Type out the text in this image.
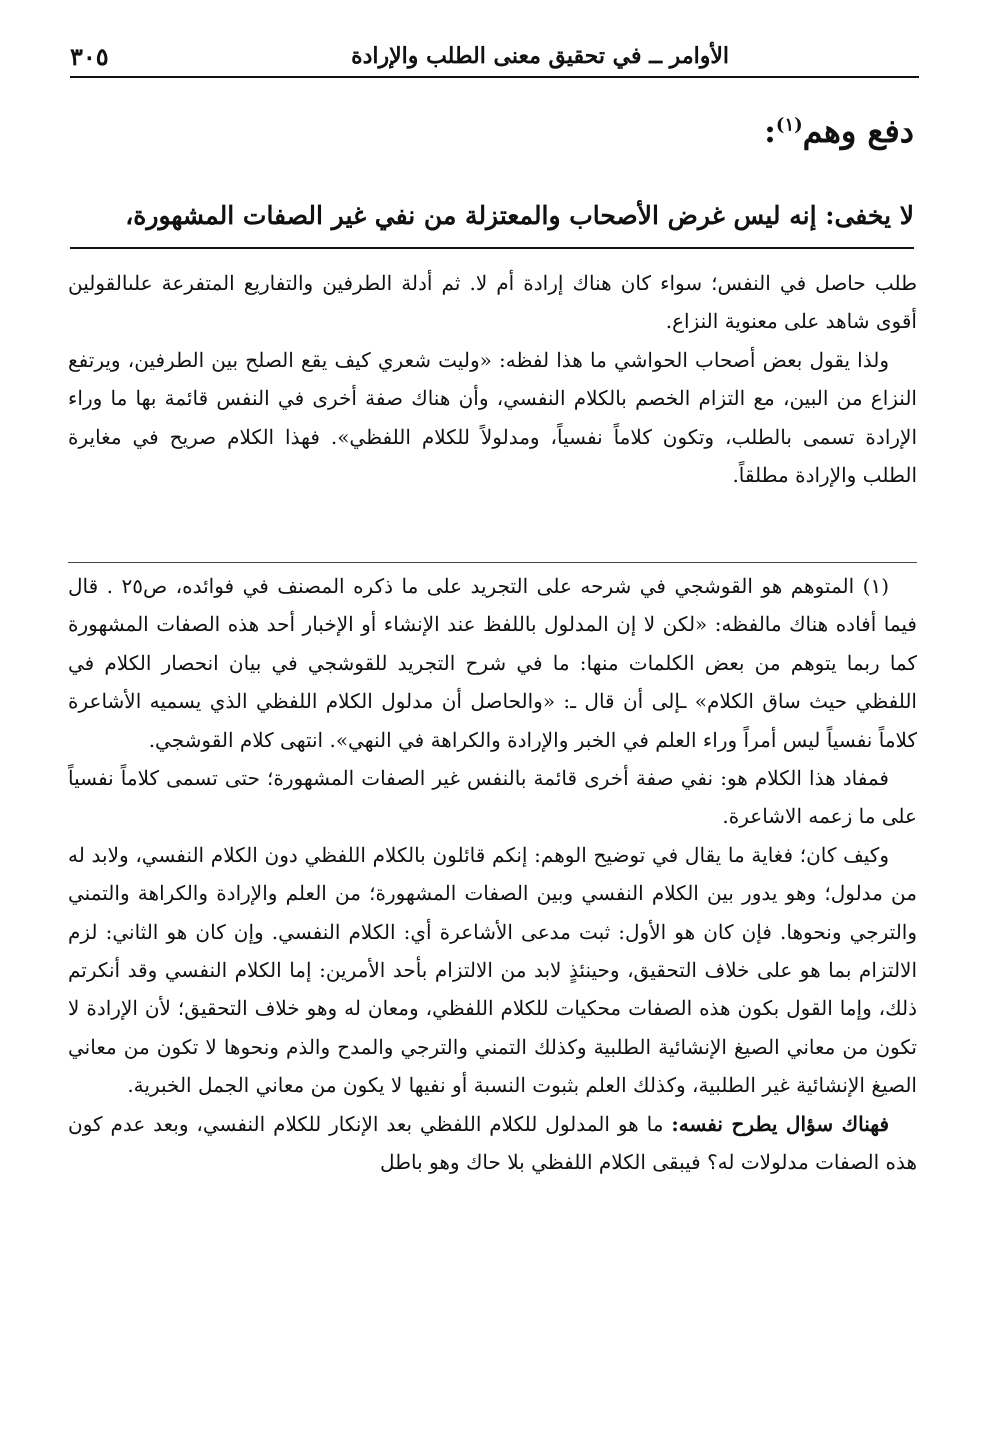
الأوامر ــ في تحقيق معنى الطلب والإرادة
٣٠٥
دفع وهم$^{(١)}$:
لا يخفى: إنه ليس غرض الأصحاب والمعتزلة من نفي غير الصفات المشهورة،

طلب حاصل في النفس؛ سواء كان هناك إرادة أم لا. ثم أدلة الطرفين والتفاريع المتفرعة علىالقولين أقوى شاهد على معنوية النزاع.

ولذا يقول بعض أصحاب الحواشي ما هذا لفظه: «وليت شعري كيف يقع الصلح بين الطرفين، ويرتفع النزاع من البين، مع التزام الخصم بالكلام النفسي، وأن هناك صفة أخرى في النفس قائمة بها ما وراء الإرادة تسمى بالطلب، وتكون كلاماً نفسياً، ومدلولاً للكلام اللفظي». فهذا الكلام صريح في مغايرة الطلب والإرادة مطلقاً.

(١) المتوهم هو القوشجي في شرحه على التجريد على ما ذكره المصنف في فوائده، ص٢٥ . قال فيما أفاده هناك مالفظه: «لكن لا إن المدلول باللفظ عند الإنشاء أو الإخبار أحد هذه الصفات المشهورة كما ربما يتوهم من بعض الكلمات منها: ما في شرح التجريد للقوشجي في بيان انحصار الكلام في اللفظي حيث ساق الكلام» ـإلى أن قال ـ: «والحاصل أن مدلول الكلام اللفظي الذي يسميه الأشاعرة كلاماً نفسياً ليس أمراً وراء العلم في الخبر والإرادة والكراهة في النهي». انتهى كلام القوشجي.

فمفاد هذا الكلام هو: نفي صفة أخرى قائمة بالنفس غير الصفات المشهورة؛ حتى تسمى كلاماً نفسياً على ما زعمه الاشاعرة.

وكيف كان؛ فغاية ما يقال في توضيح الوهم: إنكم قائلون بالكلام اللفظي دون الكلام النفسي، ولابد له من مدلول؛ وهو يدور بين الكلام النفسي وبين الصفات المشهورة؛ من العلم والإرادة والكراهة والتمني والترجي ونحوها. فإن كان هو الأول: ثبت مدعى الأشاعرة أي: الكلام النفسي. وإن كان هو الثاني: لزم الالتزام بما هو على خلاف التحقيق، وحينئذٍ لابد من الالتزام بأحد الأمرين: إما الكلام النفسي وقد أنكرتم ذلك، وإما القول بكون هذه الصفات محكيات للكلام اللفظي، ومعان له وهو خلاف التحقيق؛ لأن الإرادة لا تكون من معاني الصيغ الإنشائية الطلبية وكذلك التمني والترجي والمدح والذم ونحوها لا تكون من معاني الصيغ الإنشائية غير الطلبية، وكذلك العلم بثبوت النسبة أو نفيها لا يكون من معاني الجمل الخبرية.

فهناك سؤال يطرح نفسه: ما هو المدلول للكلام اللفظي بعد الإنكار للكلام النفسي، وبعد عدم كون هذه الصفات مدلولات له؟ فيبقى الكلام اللفظي بلا حاك وهو باطل
